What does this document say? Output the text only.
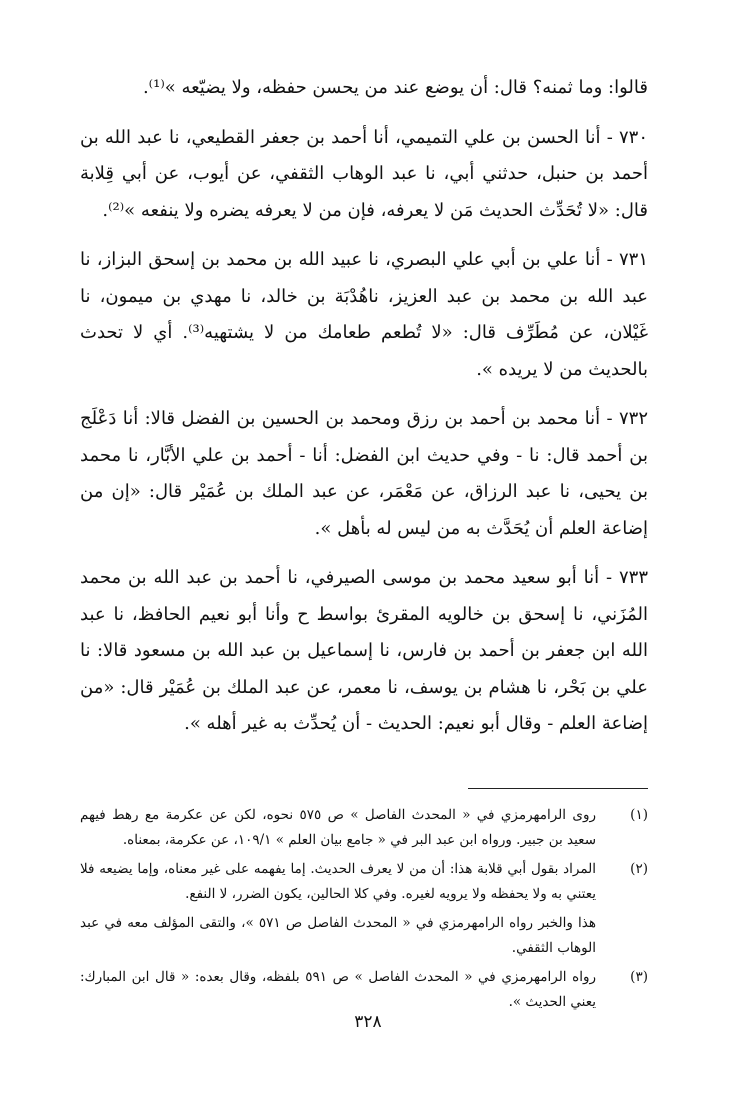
قالوا: وما ثمنه؟ قال: أن يوضع عند من يحسن حفظه، ولا يضيّعه »⁽¹⁾.

٧٣٠ - أنا الحسن بن علي التميمي، أنا أحمد بن جعفر القطيعي، نا عبد الله بن أحمد بن حنبل، حدثني أبي، نا عبد الوهاب الثقفي، عن أيوب، عن أبي قِلابة قال: «لا تُحَدِّث الحديث مَن لا يعرفه، فإن من لا يعرفه يضره ولا ينفعه »⁽²⁾.

٧٣١ - أنا علي بن أبي علي البصري، نا عبيد الله بن محمد بن إسحق البزاز، نا عبد الله بن محمد بن عبد العزيز، ناهُدْبَة بن خالد، نا مهدي بن ميمون، نا غَيْلان، عن مُطَرِّف قال: «لا تُطعم طعامك من لا يشتهيه⁽³⁾. أي لا تحدث بالحديث من لا يريده ».

٧٣٢ - أنا محمد بن أحمد بن رزق ومحمد بن الحسين بن الفضل قالا: أنا دَعْلَج بن أحمد قال: نا - وفي حديث ابن الفضل: أنا - أحمد بن علي الأبَّار، نا محمد بن يحيى، نا عبد الرزاق، عن مَعْمَر، عن عبد الملك بن عُمَيْر قال: «إن من إضاعة العلم أن يُحَدَّث به من ليس له بأهل ».

٧٣٣ - أنا أبو سعيد محمد بن موسى الصيرفي، نا أحمد بن عبد الله بن محمد المُزَني، نا إسحق بن خالويه المقرئ بواسط ح وأنا أبو نعيم الحافظ، نا عبد الله ابن جعفر بن أحمد بن فارس، نا إسماعيل بن عبد الله بن مسعود قالا: نا علي بن بَحْر، نا هشام بن يوسف، نا معمر، عن عبد الملك بن عُمَيْر قال: «من إضاعة العلم - وقال أبو نعيم: الحديث - أن يُحدِّث به غير أهله ».

(١)
روى الرامهرمزي في « المحدث الفاصل » ص ٥٧٥ نحوه، لكن عن عكرمة مع رهط فيهم سعيد بن جبير. ورواه ابن عبد البر في « جامع بيان العلم » ١٠٩/١، عن عكرمة، بمعناه.
(٢)
المراد بقول أبي قلابة هذا: أن من لا يعرف الحديث. إما يفهمه على غير معناه، وإما يضيعه فلا يعتني به ولا يحفظه ولا يرويه لغيره. وفي كلا الحالين، يكون الضرر، لا النفع.
هذا والخبر رواه الرامهرمزي في « المحدث الفاصل ص ٥٧١ »، والتقى المؤلف معه في عبد الوهاب الثقفي.
(٣)
رواه الرامهرمزي في « المحدث الفاصل » ص ٥٩١ بلفظه، وقال بعده: « قال ابن المبارك: يعني الحديث ».
٣٢٨
